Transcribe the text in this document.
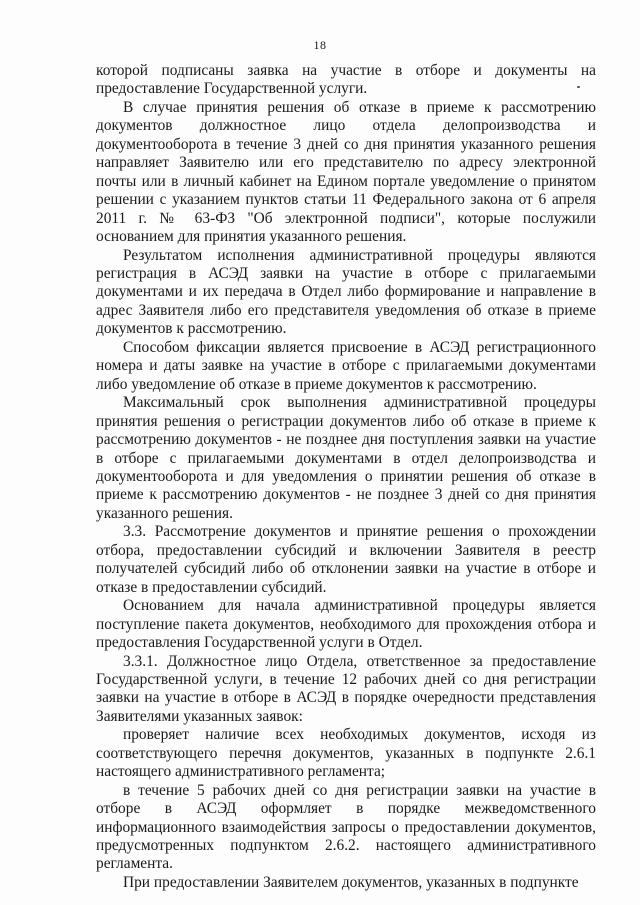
18

которой подписаны заявка на участие в отборе и документы на предоставление Государственной услуги.

В случае принятия решения об отказе в приеме к рассмотрению документов должностное лицо отдела делопроизводства и документооборота в течение 3 дней со дня принятия указанного решения направляет Заявителю или его представителю по адресу электронной почты или в личный кабинет на Едином портале уведомление о принятом решении с указанием пунктов статьи 11 Федерального закона от 6 апреля 2011 г. № 63-ФЗ "Об электронной подписи", которые послужили основанием для принятия указанного решения.

Результатом исполнения административной процедуры являются регистрация в АСЭД заявки на участие в отборе с прилагаемыми документами и их передача в Отдел либо формирование и направление в адрес Заявителя либо его представителя уведомления об отказе в приеме документов к рассмотрению.

Способом фиксации является присвоение в АСЭД регистрационного номера и даты заявке на участие в отборе с прилагаемыми документами либо уведомление об отказе в приеме документов к рассмотрению.

Максимальный срок выполнения административной процедуры принятия решения о регистрации документов либо об отказе в приеме к рассмотрению документов - не позднее дня поступления заявки на участие в отборе с прилагаемыми документами в отдел делопроизводства и документооборота и для уведомления о принятии решения об отказе в приеме к рассмотрению документов - не позднее 3 дней со дня принятия указанного решения.

3.3. Рассмотрение документов и принятие решения о прохождении отбора, предоставлении субсидий и включении Заявителя в реестр получателей субсидий либо об отклонении заявки на участие в отборе и отказе в предоставлении субсидий.

Основанием для начала административной процедуры является поступление пакета документов, необходимого для прохождения отбора и предоставления Государственной услуги в Отдел.

3.3.1. Должностное лицо Отдела, ответственное за предоставление Государственной услуги, в течение 12 рабочих дней со дня регистрации заявки на участие в отборе в АСЭД в порядке очередности представления Заявителями указанных заявок:

проверяет наличие всех необходимых документов, исходя из соответствующего перечня документов, указанных в подпункте 2.6.1 настоящего административного регламента;

в течение 5 рабочих дней со дня регистрации заявки на участие в отборе в АСЭД оформляет в порядке межведомственного информационного взаимодействия запросы о предоставлении документов, предусмотренных подпунктом 2.6.2. настоящего административного регламента.

При предоставлении Заявителем документов, указанных в подпункте
